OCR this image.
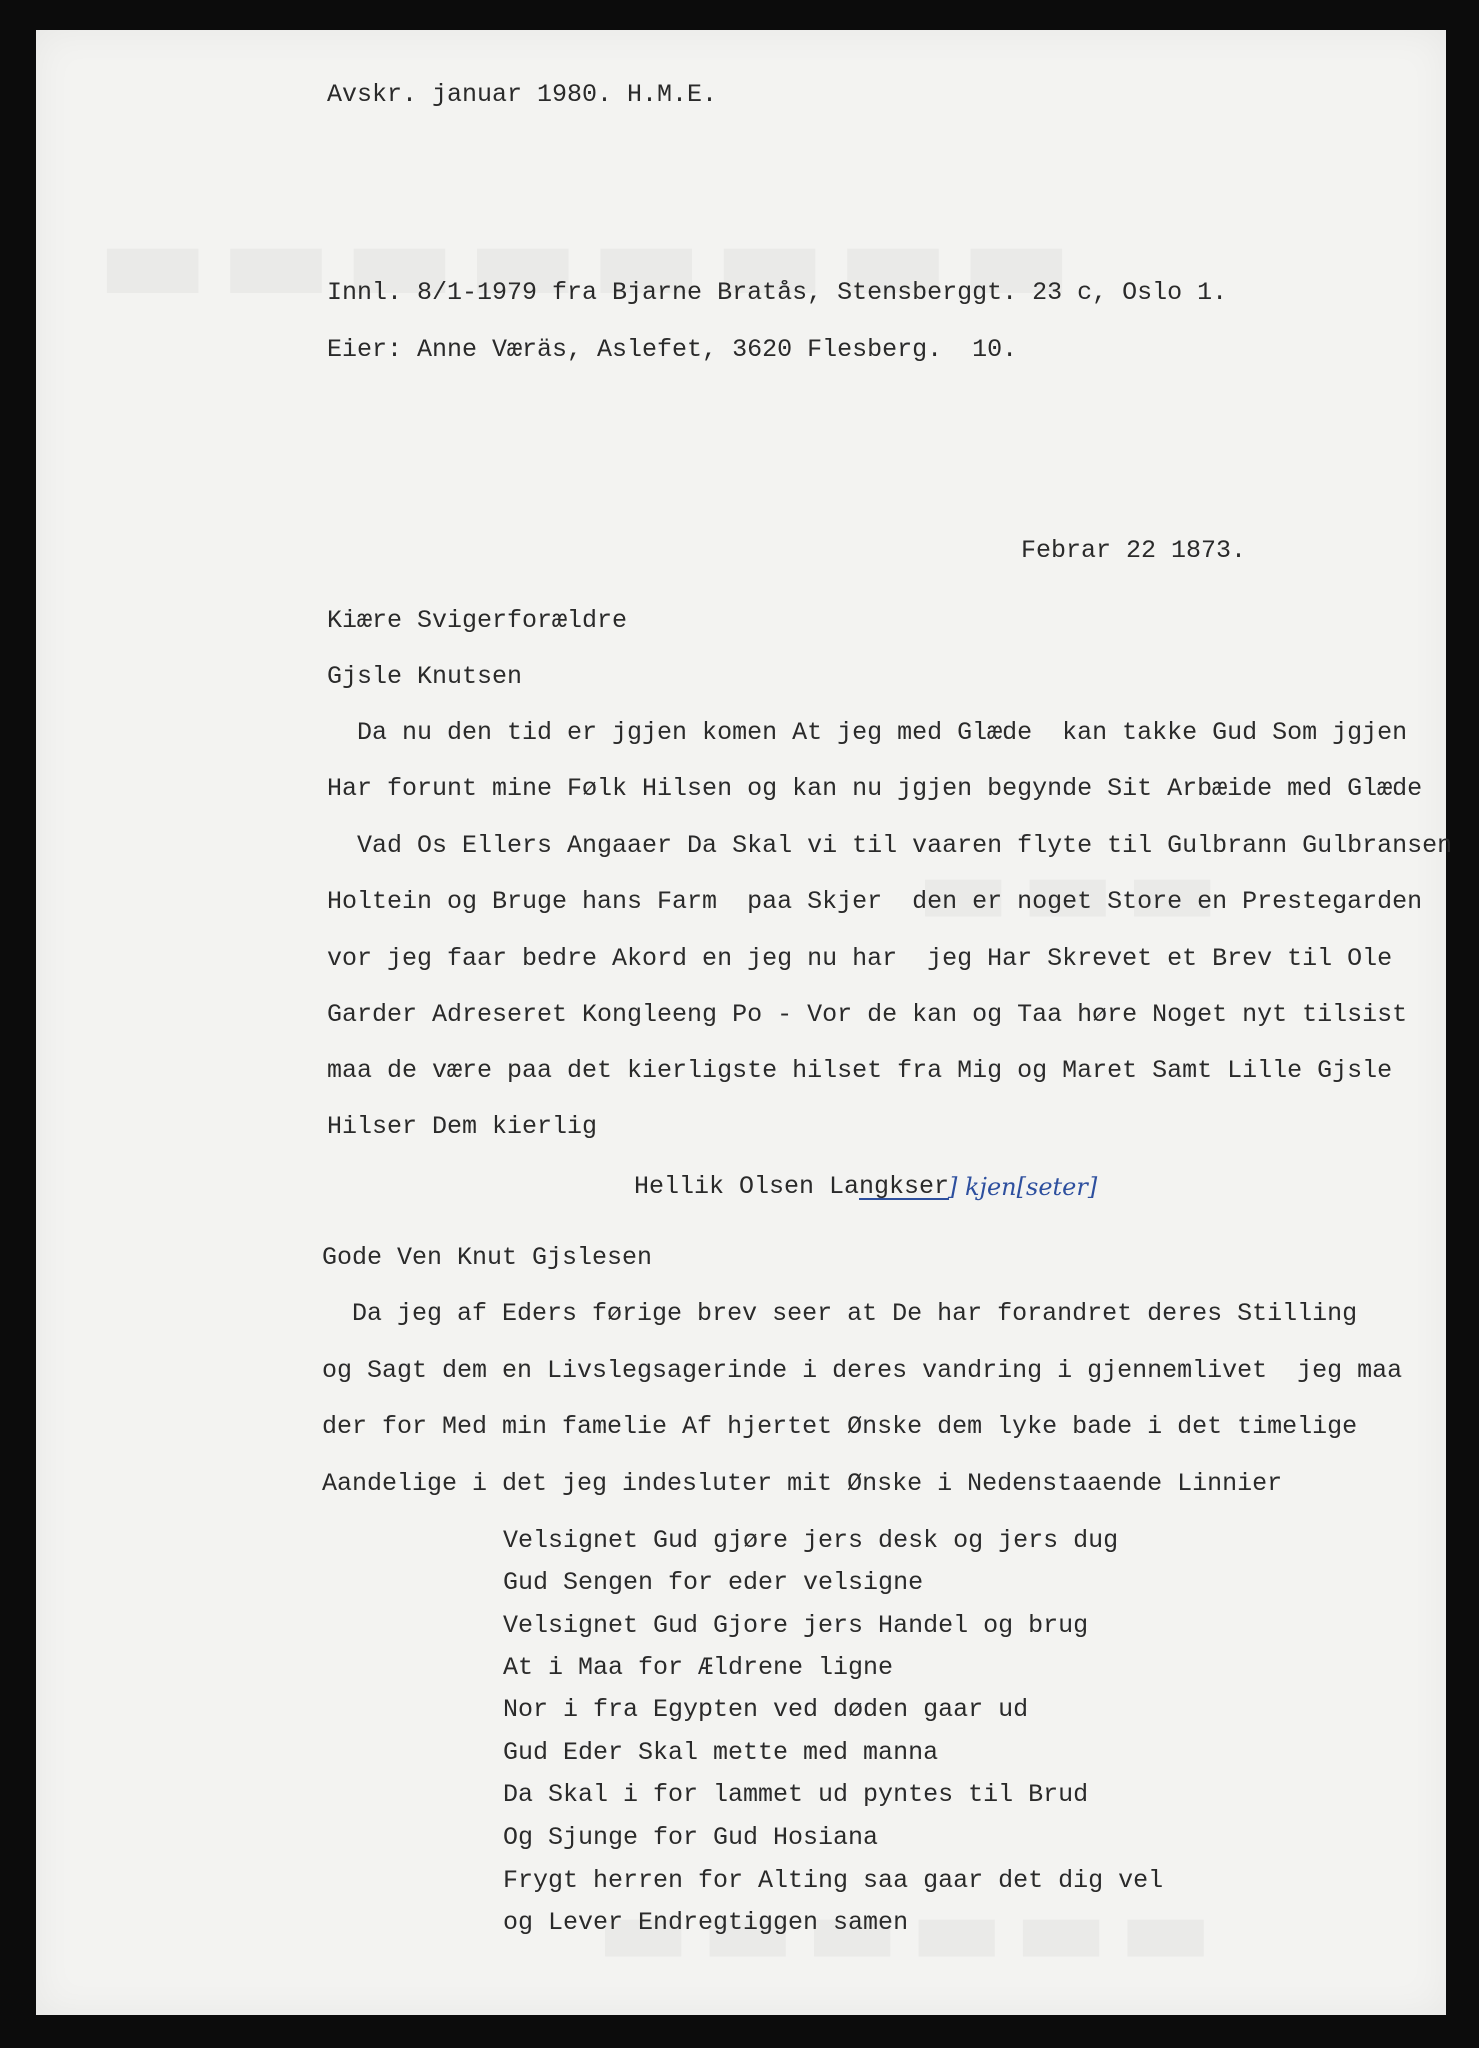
Avskr. januar 1980. H.M.E.
Innl. 8/1-1979 fra Bjarne Bratås, Stensberggt. 23 c, Oslo 1.
Eier: Anne Væräs, Aslefet, 3620 Flesberg.  10.
Febrar 22 1873.
Kiære Svigerforældre
Gjsle Knutsen
Da nu den tid er jgjen komen At jeg med Glæde  kan takke Gud Som jgjen
Har forunt mine Følk Hilsen og kan nu jgjen begynde Sit Arbæide med Glæde
Vad Os Ellers Angaaer Da Skal vi til vaaren flyte til Gulbrann Gulbransen
Holtein og Bruge hans Farm  paa Skjer  den er noget Store en Prestegarden
vor jeg faar bedre Akord en jeg nu har  jeg Har Skrevet et Brev til Ole
Garder Adreseret Kongleeng Po - Vor de kan og Taa høre Noget nyt tilsist
maa de være paa det kierligste hilset fra Mig og Maret Samt Lille Gjsle
Hilser Dem kierlig
Hellik Olsen Langkser
] kjen[seter]
Gode Ven Knut Gjslesen
Da jeg af Eders førige brev seer at De har forandret deres Stilling
og Sagt dem en Livslegsagerinde i deres vandring i gjennemlivet  jeg maa
der for Med min famelie Af hjertet Ønske dem lyke bade i det timelige
Aandelige i det jeg indesluter mit Ønske i Nedenstaaende Linnier
Velsignet Gud gjøre jers desk og jers dug
Gud Sengen for eder velsigne
Velsignet Gud Gjore jers Handel og brug
At i Maa for Ældrene ligne
Nor i fra Egypten ved døden gaar ud
Gud Eder Skal mette med manna
Da Skal i for lammet ud pyntes til Brud
Og Sjunge for Gud Hosiana
Frygt herren for Alting saa gaar det dig vel
og Lever Endregtiggen samen
